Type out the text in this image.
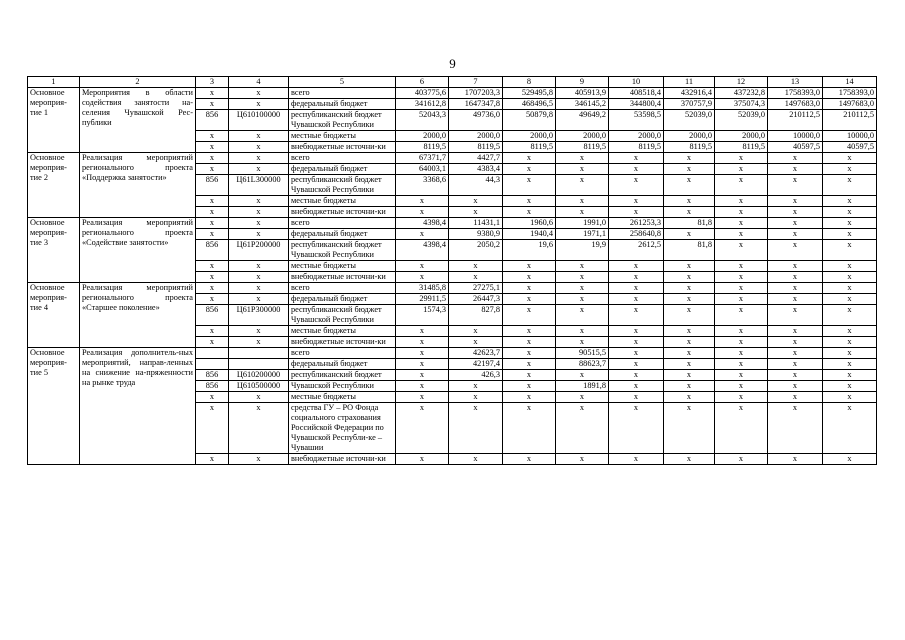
9
1	2	3	4	5	6	7	8	9	10	11	12	13	14
Основное мероприя-тие 1	Мероприятия в области содействия занятости на-селения Чувашской Рес-публики	x	x	всего	403775,6	1707203,3	529495,8	405913,9	408518,4	432916,4	437232,8	1758393,0	1758393,0
		x	x	федеральный бюджет	341612,8	1647347,8	468496,5	346145,2	344800,4	370757,9	375074,3	1497683,0	1497683,0
		856	Ц610100000	республиканский бюджет Чувашской Республики	52043,3	49736,0	50879,8	49649,2	53598,5	52039,0	52039,0	210112,5	210112,5
		x	x	местные бюджеты	2000,0	2000,0	2000,0	2000,0	2000,0	2000,0	2000,0	10000,0	10000,0
		x	x	внебюджетные источни-ки	8119,5	8119,5	8119,5	8119,5	8119,5	8119,5	8119,5	40597,5	40597,5
Основное мероприя-тие 2	Реализация мероприятий регионального проекта «Поддержка занятости»	x	x	всего	67371,7	4427,7	x	x	x	x	x	x	x
		x	x	федеральный бюджет	64003,1	4383,4	x	x	x	x	x	x	x
		856	Ц61L300000	республиканский бюджет Чувашской Республики	3368,6	44,3	x	x	x	x	x	x	x
		x	x	местные бюджеты	x	x	x	x	x	x	x	x	x
		x	x	внебюджетные источни-ки	x	x	x	x	x	x	x	x	x
Основное мероприя-тие 3	Реализация мероприятий регионального проекта «Содействие занятости»	x	x	всего	4398,4	11431,1	1960,6	1991,0	261253,3	81,8	x	x	x
		x	x	федеральный бюджет	x	9380,9	1940,4	1971,1	258640,8	x	x	x	x
		856	Ц61P200000	республиканский бюджет Чувашской Республики	4398,4	2050,2	19,6	19,9	2612,5	81,8	x	x	x
		x	x	местные бюджеты	x	x	x	x	x	x	x	x	x
		x	x	внебюджетные источни-ки	x	x	x	x	x	x	x	x	x
Основное мероприя-тие 4	Реализация мероприятий регионального проекта «Старшее поколение»	x	x	всего	31485,8	27275,1	x	x	x	x	x	x	x
		x	x	федеральный бюджет	29911,5	26447,3	x	x	x	x	x	x	x
		856	Ц61P300000	республиканский бюджет Чувашской Республики	1574,3	827,8	x	x	x	x	x	x	x
		x	x	местные бюджеты	x	x	x	x	x	x	x	x	x
		x	x	внебюджетные источни-ки	x	x	x	x	x	x	x	x	x
Основное мероприя-тие 5	Реализация дополнитель-ных мероприятий, направ-ленных на снижение на-пряженности на рынке труда			всего	x	42623,7	x	90515,5	x	x	x	x	x
				федеральный бюджет	x	42197,4	x	88623,7	x	x	x	x	x
		856	Ц610200000	республиканский бюджет	x	426,3	x	x	x	x	x	x	x
		856	Ц610500000	Чувашской Республики	x	x	x	1891,8	x	x	x	x	x
		x	x	местные бюджеты	x	x	x	x	x	x	x	x	x
		x	x	средства ГУ – РО Фонда социального страхования Российской Федерации по Чувашской Республи-ке – Чувашии	x	x	x	x	x	x	x	x	x
		x	x	внебюджетные источни-ки	x	x	x	x	x	x	x	x	x
